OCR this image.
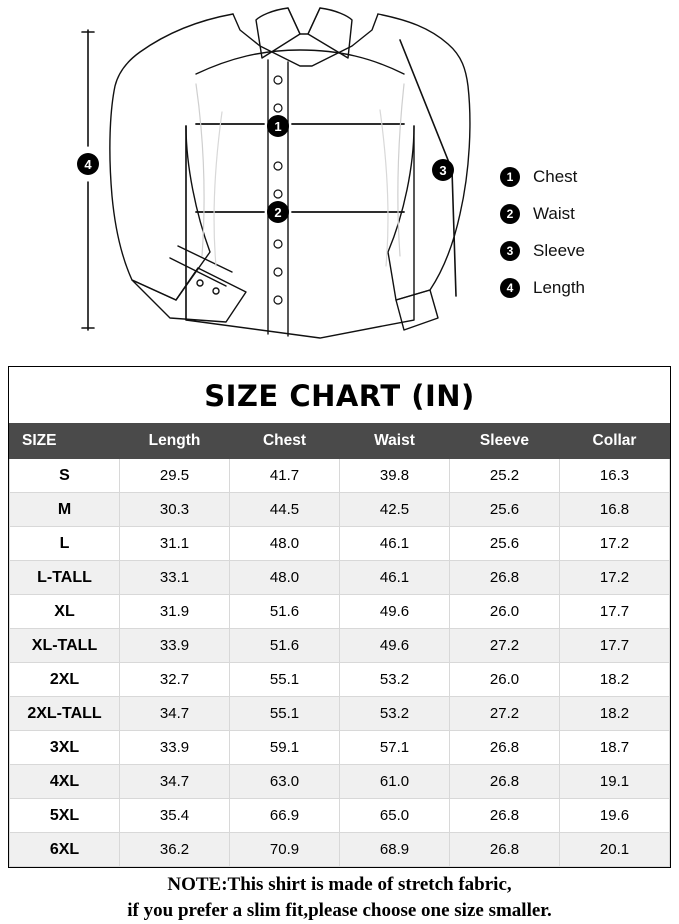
1
2
3
4
1	Chest
2	Waist
3	Sleeve
4	Length
SIZE CHART (IN)
SIZE	Length	Chest	Waist	Sleeve	Collar
S	29.5	41.7	39.8	25.2	16.3
M	30.3	44.5	42.5	25.6	16.8
L	31.1	48.0	46.1	25.6	17.2
L-TALL	33.1	48.0	46.1	26.8	17.2
XL	31.9	51.6	49.6	26.0	17.7
XL-TALL	33.9	51.6	49.6	27.2	17.7
2XL	32.7	55.1	53.2	26.0	18.2
2XL-TALL	34.7	55.1	53.2	27.2	18.2
3XL	33.9	59.1	57.1	26.8	18.7
4XL	34.7	63.0	61.0	26.8	19.1
5XL	35.4	66.9	65.0	26.8	19.6
6XL	36.2	70.9	68.9	26.8	20.1
NOTE:This shirt is made of stretch fabric,
if you prefer a slim fit,please choose one size smaller.
